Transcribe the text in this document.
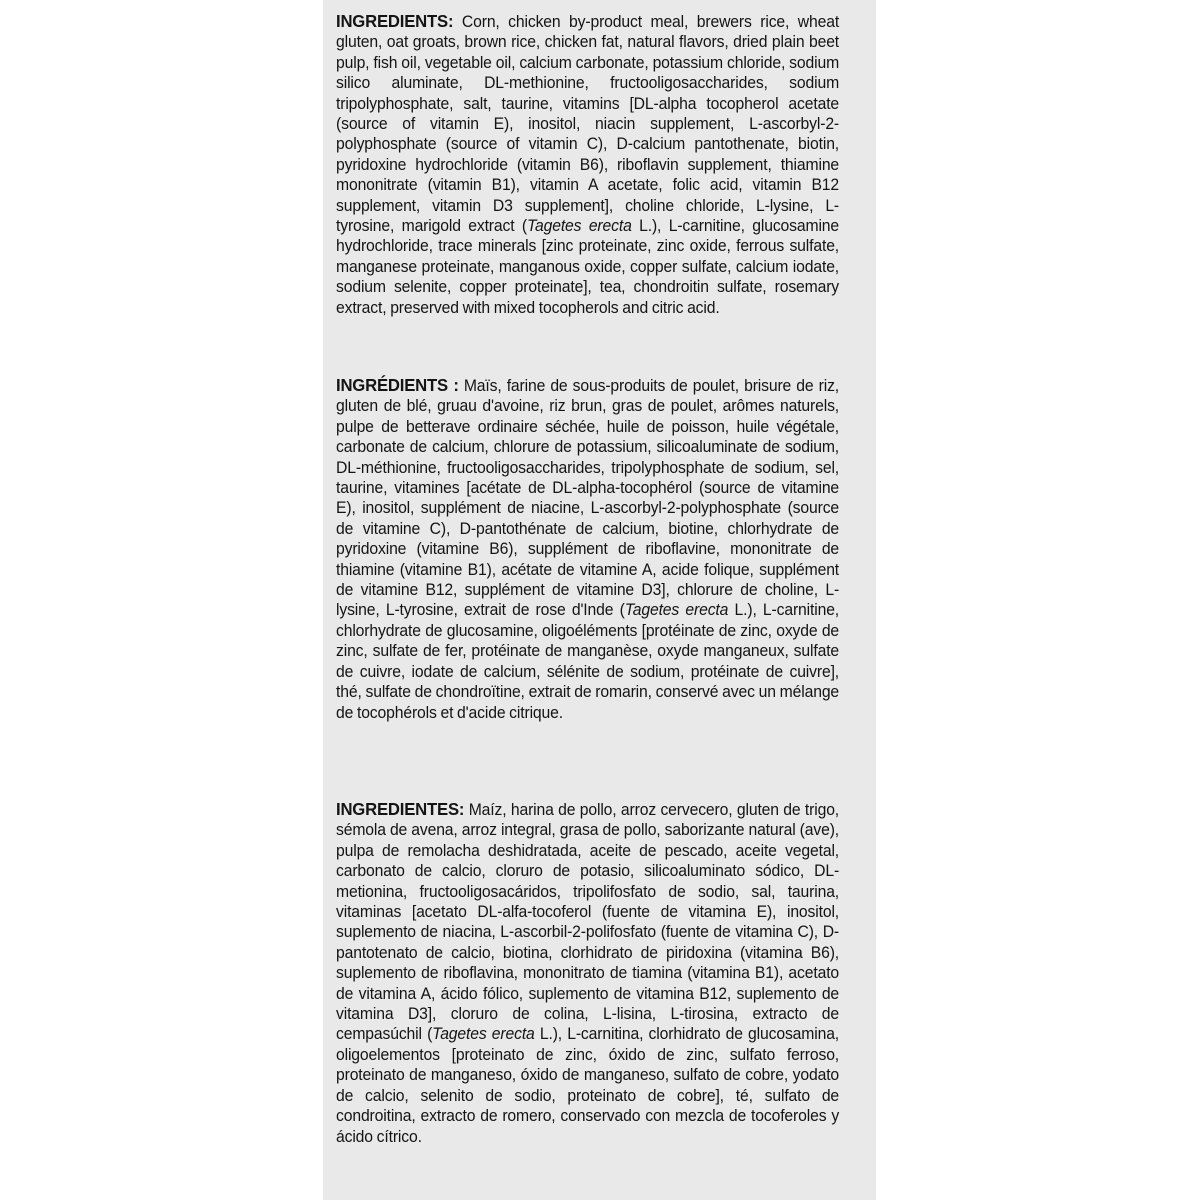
INGREDIENTS: Corn, chicken by-product meal, brewers rice, wheat gluten, oat groats, brown rice, chicken fat, natural flavors, dried plain beet pulp, fish oil, vegetable oil, calcium carbonate, potassium chloride, sodium silico aluminate, DL-methionine, fructooligosaccharides, sodium tripolyphosphate, salt, taurine, vitamins [DL-alpha tocopherol acetate (source of vitamin E), inositol, niacin supplement, L-ascorbyl-2-polyphosphate (source of vitamin C), D-calcium pantothenate, biotin, pyridoxine hydrochloride (vitamin B6), riboflavin supplement, thiamine mononitrate (vitamin B1), vitamin A acetate, folic acid, vitamin B12 supplement, vitamin D3 supplement], choline chloride, L-lysine, L-tyrosine, marigold extract (Tagetes erecta L.), L-carnitine, glucosamine hydrochloride, trace minerals [zinc proteinate, zinc oxide, ferrous sulfate, manganese proteinate, manganous oxide, copper sulfate, calcium iodate, sodium selenite, copper proteinate], tea, chondroitin sulfate, rosemary extract, preserved with mixed tocopherols and citric acid.

INGRÉDIENTS : Maïs, farine de sous-produits de poulet, brisure de riz, gluten de blé, gruau d'avoine, riz brun, gras de poulet, arômes naturels, pulpe de betterave ordinaire séchée, huile de poisson, huile végétale, carbonate de calcium, chlorure de potassium, silicoaluminate de sodium, DL-méthionine, fructooligosaccharides, tripolyphosphate de sodium, sel, taurine, vitamines [acétate de DL-alpha-tocophérol (source de vitamine E), inositol, supplément de niacine, L-ascorbyl-2-polyphosphate (source de vitamine C), D-pantothénate de calcium, biotine, chlorhydrate de pyridoxine (vitamine B6), supplément de riboflavine, mononitrate de thiamine (vitamine B1), acétate de vitamine A, acide folique, supplément de vitamine B12, supplément de vitamine D3], chlorure de choline, L-lysine, L-tyrosine, extrait de rose d'Inde (Tagetes erecta L.), L-carnitine, chlorhydrate de glucosamine, oligoéléments [protéinate de zinc, oxyde de zinc, sulfate de fer, protéinate de manganèse, oxyde manganeux, sulfate de cuivre, iodate de calcium, sélénite de sodium, protéinate de cuivre], thé, sulfate de chondroïtine, extrait de romarin, conservé avec un mélange de tocophérols et d'acide citrique.

INGREDIENTES: Maíz, harina de pollo, arroz cervecero, gluten de trigo, sémola de avena, arroz integral, grasa de pollo, saborizante natural (ave), pulpa de remolacha deshidratada, aceite de pescado, aceite vegetal, carbonato de calcio, cloruro de potasio, silicoaluminato sódico, DL-metionina, fructooligosacáridos, tripolifosfato de sodio, sal, taurina, vitaminas [acetato DL-alfa-tocoferol (fuente de vitamina E), inositol, suplemento de niacina, L-ascorbil-2-polifosfato (fuente de vitamina C), D-pantotenato de calcio, biotina, clorhidrato de piridoxina (vitamina B6), suplemento de riboflavina, mononitrato de tiamina (vitamina B1), acetato de vitamina A, ácido fólico, suplemento de vitamina B12, suplemento de vitamina D3], cloruro de colina, L-lisina, L-tirosina, extracto de cempasúchil (Tagetes erecta L.), L-carnitina, clorhidrato de glucosamina, oligoelementos [proteinato de zinc, óxido de zinc, sulfato ferroso, proteinato de manganeso, óxido de manganeso, sulfato de cobre, yodato de calcio, selenito de sodio, proteinato de cobre], té, sulfato de condroitina, extracto de romero, conservado con mezcla de tocoferoles y ácido cítrico.
